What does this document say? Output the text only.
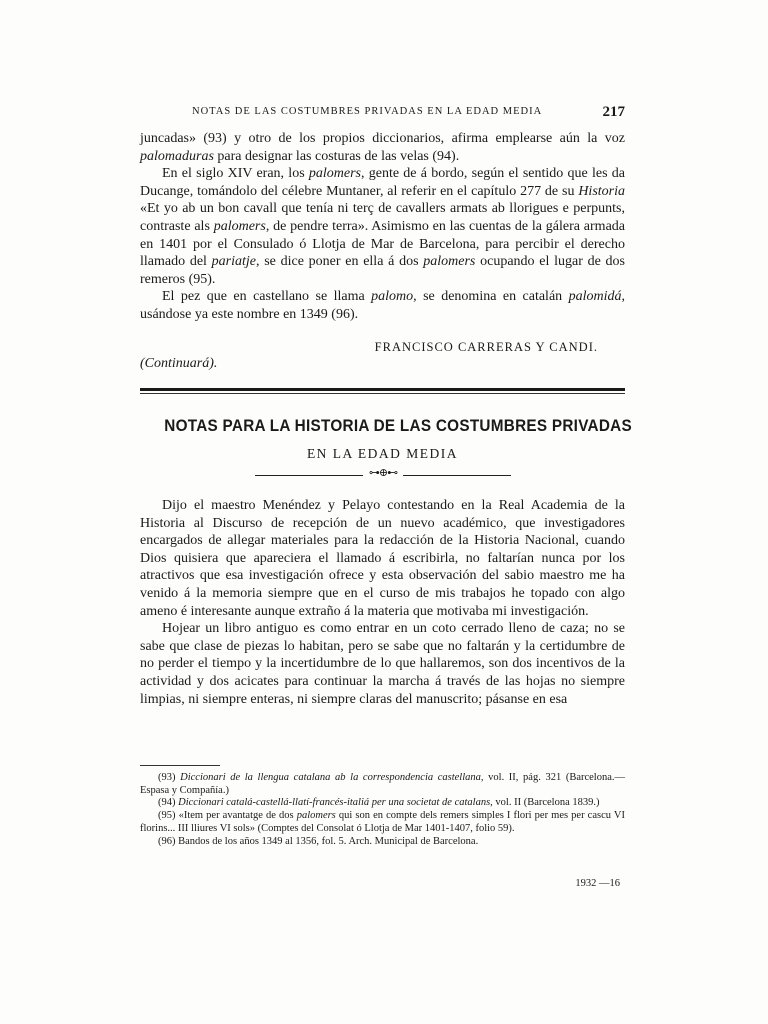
NOTAS DE LAS COSTUMBRES PRIVADAS EN LA EDAD MEDIA	217

juncadas» (93) y otro de los propios diccionarios, afirma emplearse aún la voz palomaduras para designar las costuras de las velas (94).

En el siglo XIV eran, los palomers, gente de á bordo, según el sentido que les da Ducange, tomándolo del célebre Muntaner, al referir en el capítulo 277 de su Historia «Et yo ab un bon cavall que tenía ni terç de cavallers armats ab llorigues e perpunts, contraste als palomers, de pendre terra». Asimismo en las cuentas de la gálera armada en 1401 por el Consulado ó Llotja de Mar de Barcelona, para percibir el derecho llamado del pariatje, se dice poner en ella á dos palomers ocupando el lugar de dos remeros (95).

El pez que en castellano se llama palomo, se denomina en catalán palomidá, usándose ya este nombre en 1349 (96).

FRANCISCO CARRERAS Y CANDI.
(Continuará).
NOTAS PARA LA HISTORIA DE LAS COSTUMBRES PRIVADAS
EN LA EDAD MEDIA
⊶⊕⊷

Dijo el maestro Menéndez y Pelayo contestando en la Real Academia de la Historia al Discurso de recepción de un nuevo académico, que investigadores encargados de allegar materiales para la redacción de la Historia Nacional, cuando Dios quisiera que apareciera el llamado á escribirla, no faltarían nunca por los atractivos que esa investigación ofrece y esta observación del sabio maestro me ha venido á la memoria siempre que en el curso de mis trabajos he topado con algo ameno é interesante aunque extraño á la materia que motivaba mi investigación.

Hojear un libro antiguo es como entrar en un coto cerrado lleno de caza; no se sabe que clase de piezas lo habitan, pero se sabe que no faltarán y la certidumbre de no perder el tiempo y la incertidumbre de lo que hallaremos, son dos incentivos de la actividad y dos acicates para continuar la marcha á través de las hojas no siempre limpias, ni siempre enteras, ni siempre claras del manuscrito; pásanse en esa

(93) Diccionari de la llengua catalana ab la correspondencia castellana, vol. II, pág. 321 (Barcelona.—Espasa y Compañía.)

(94) Diccionari catalá-castellá-llatí-francés-italiá per una societat de catalans, vol. II (Barcelona 1839.)

(95) «Item per avantatge de dos palomers qui son en compte dels remers simples I flori per mes per cascu VI florins... III lliures VI sols» (Comptes del Consolat ó Llotja de Mar 1401-1407, folio 59).

(96) Bandos de los años 1349 al 1356, fol. 5. Arch. Municipal de Barcelona.

1932 —16
